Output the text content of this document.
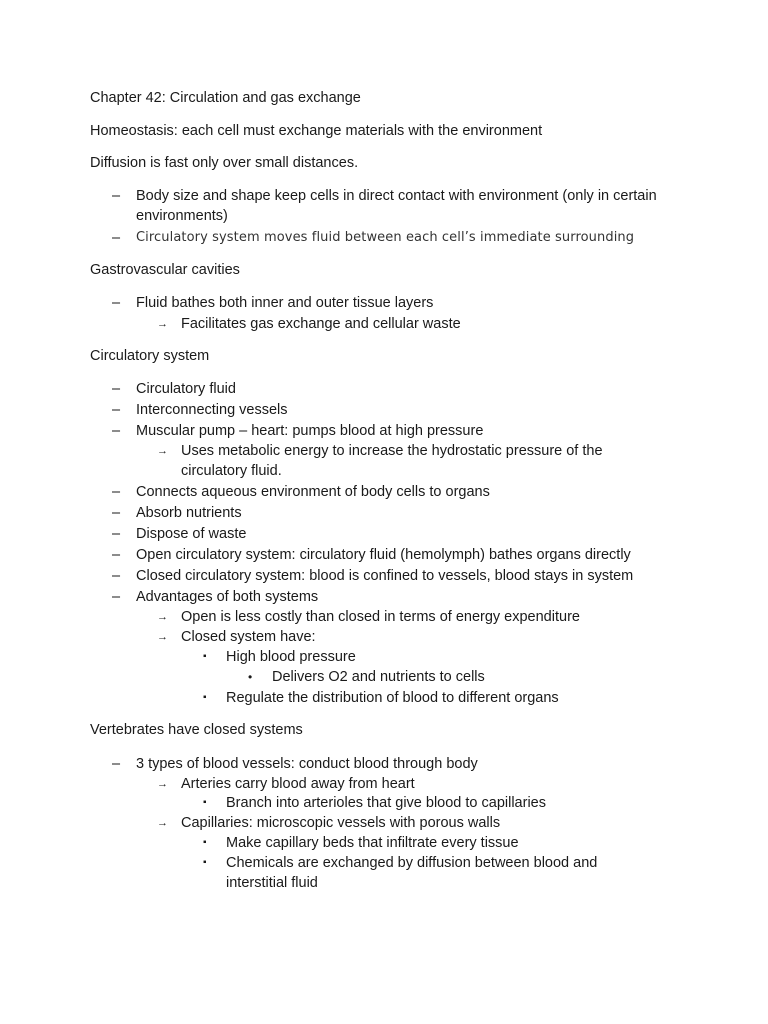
Chapter 42: Circulation and gas exchange
Homeostasis: each cell must exchange materials with the environment
Diffusion is fast only over small distances.
–	Body size and shape keep cells in direct contact with environment (only in certain
environments)
–	Circulatory system moves fluid between each cell’s immediate surrounding
Gastrovascular cavities
–	Fluid bathes both inner and outer tissue layers
→ Facilitates gas exchange and cellular waste
Circulatory system
–	Circulatory fluid
–	Interconnecting vessels
–	Muscular pump – heart: pumps blood at high pressure
→ Uses metabolic energy to increase the hydrostatic pressure of the
circulatory fluid.
–	Connects aqueous environment of body cells to organs
–	Absorb nutrients
–	Dispose of waste
–	Open circulatory system: circulatory fluid (hemolymph) bathes organs directly
–	Closed circulatory system: blood is confined to vessels, blood stays in system
–	Advantages of both systems
→ Open is less costly than closed in terms of energy expenditure
→ Closed system have:
▪	High blood pressure
•	Delivers O2 and nutrients to cells
▪	Regulate the distribution of blood to different organs
Vertebrates have closed systems
–	3 types of blood vessels: conduct blood through body
→ Arteries carry blood away from heart
▪	Branch into arterioles that give blood to capillaries
→ Capillaries: microscopic vessels with porous walls
▪	Make capillary beds that infiltrate every tissue
▪	Chemicals are exchanged by diffusion between blood and
interstitial fluid
